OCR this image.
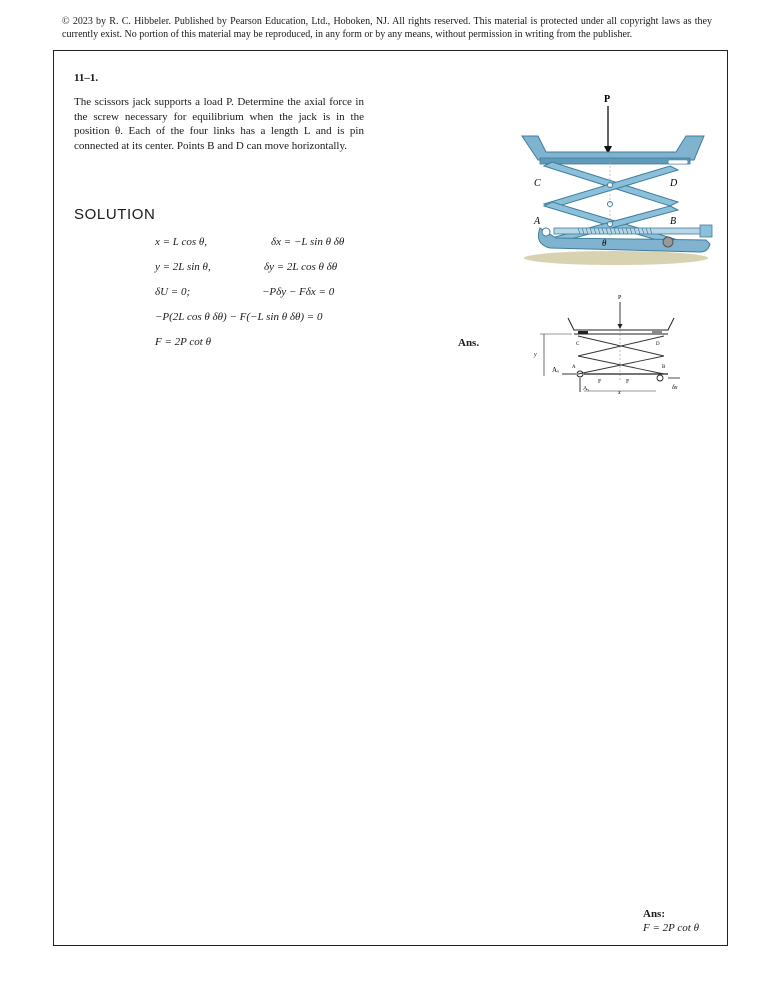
© 2023 by R. C. Hibbeler. Published by Pearson Education, Ltd., Hoboken, NJ. All rights reserved. This material is protected under all copyright laws as they currently exist. No portion of this material may be reproduced, in any form or by any means, without permission in writing from the publisher.
11–1.
The scissors jack supports a load P. Determine the axial force in the screw necessary for equilibrium when the jack is in the position θ. Each of the four links has a length L and is pin connected at its center. Points B and D can move horizontally.
SOLUTION
x = L cos θ,	δx = −L sin θ δθ
y = 2L sin θ,	δy = 2L cos θ δθ
δU = 0;	−Pδy − Fδx = 0
−P(2L cos θ δθ) − F(−L sin θ δθ) = 0
F = 2P cot θ	Ans.
P
C	D
A	B
θ
P
y
Aₓ
Aᵧ
F	F
C	D
A	B
x
δx
Ans:
F = 2P cot θ
